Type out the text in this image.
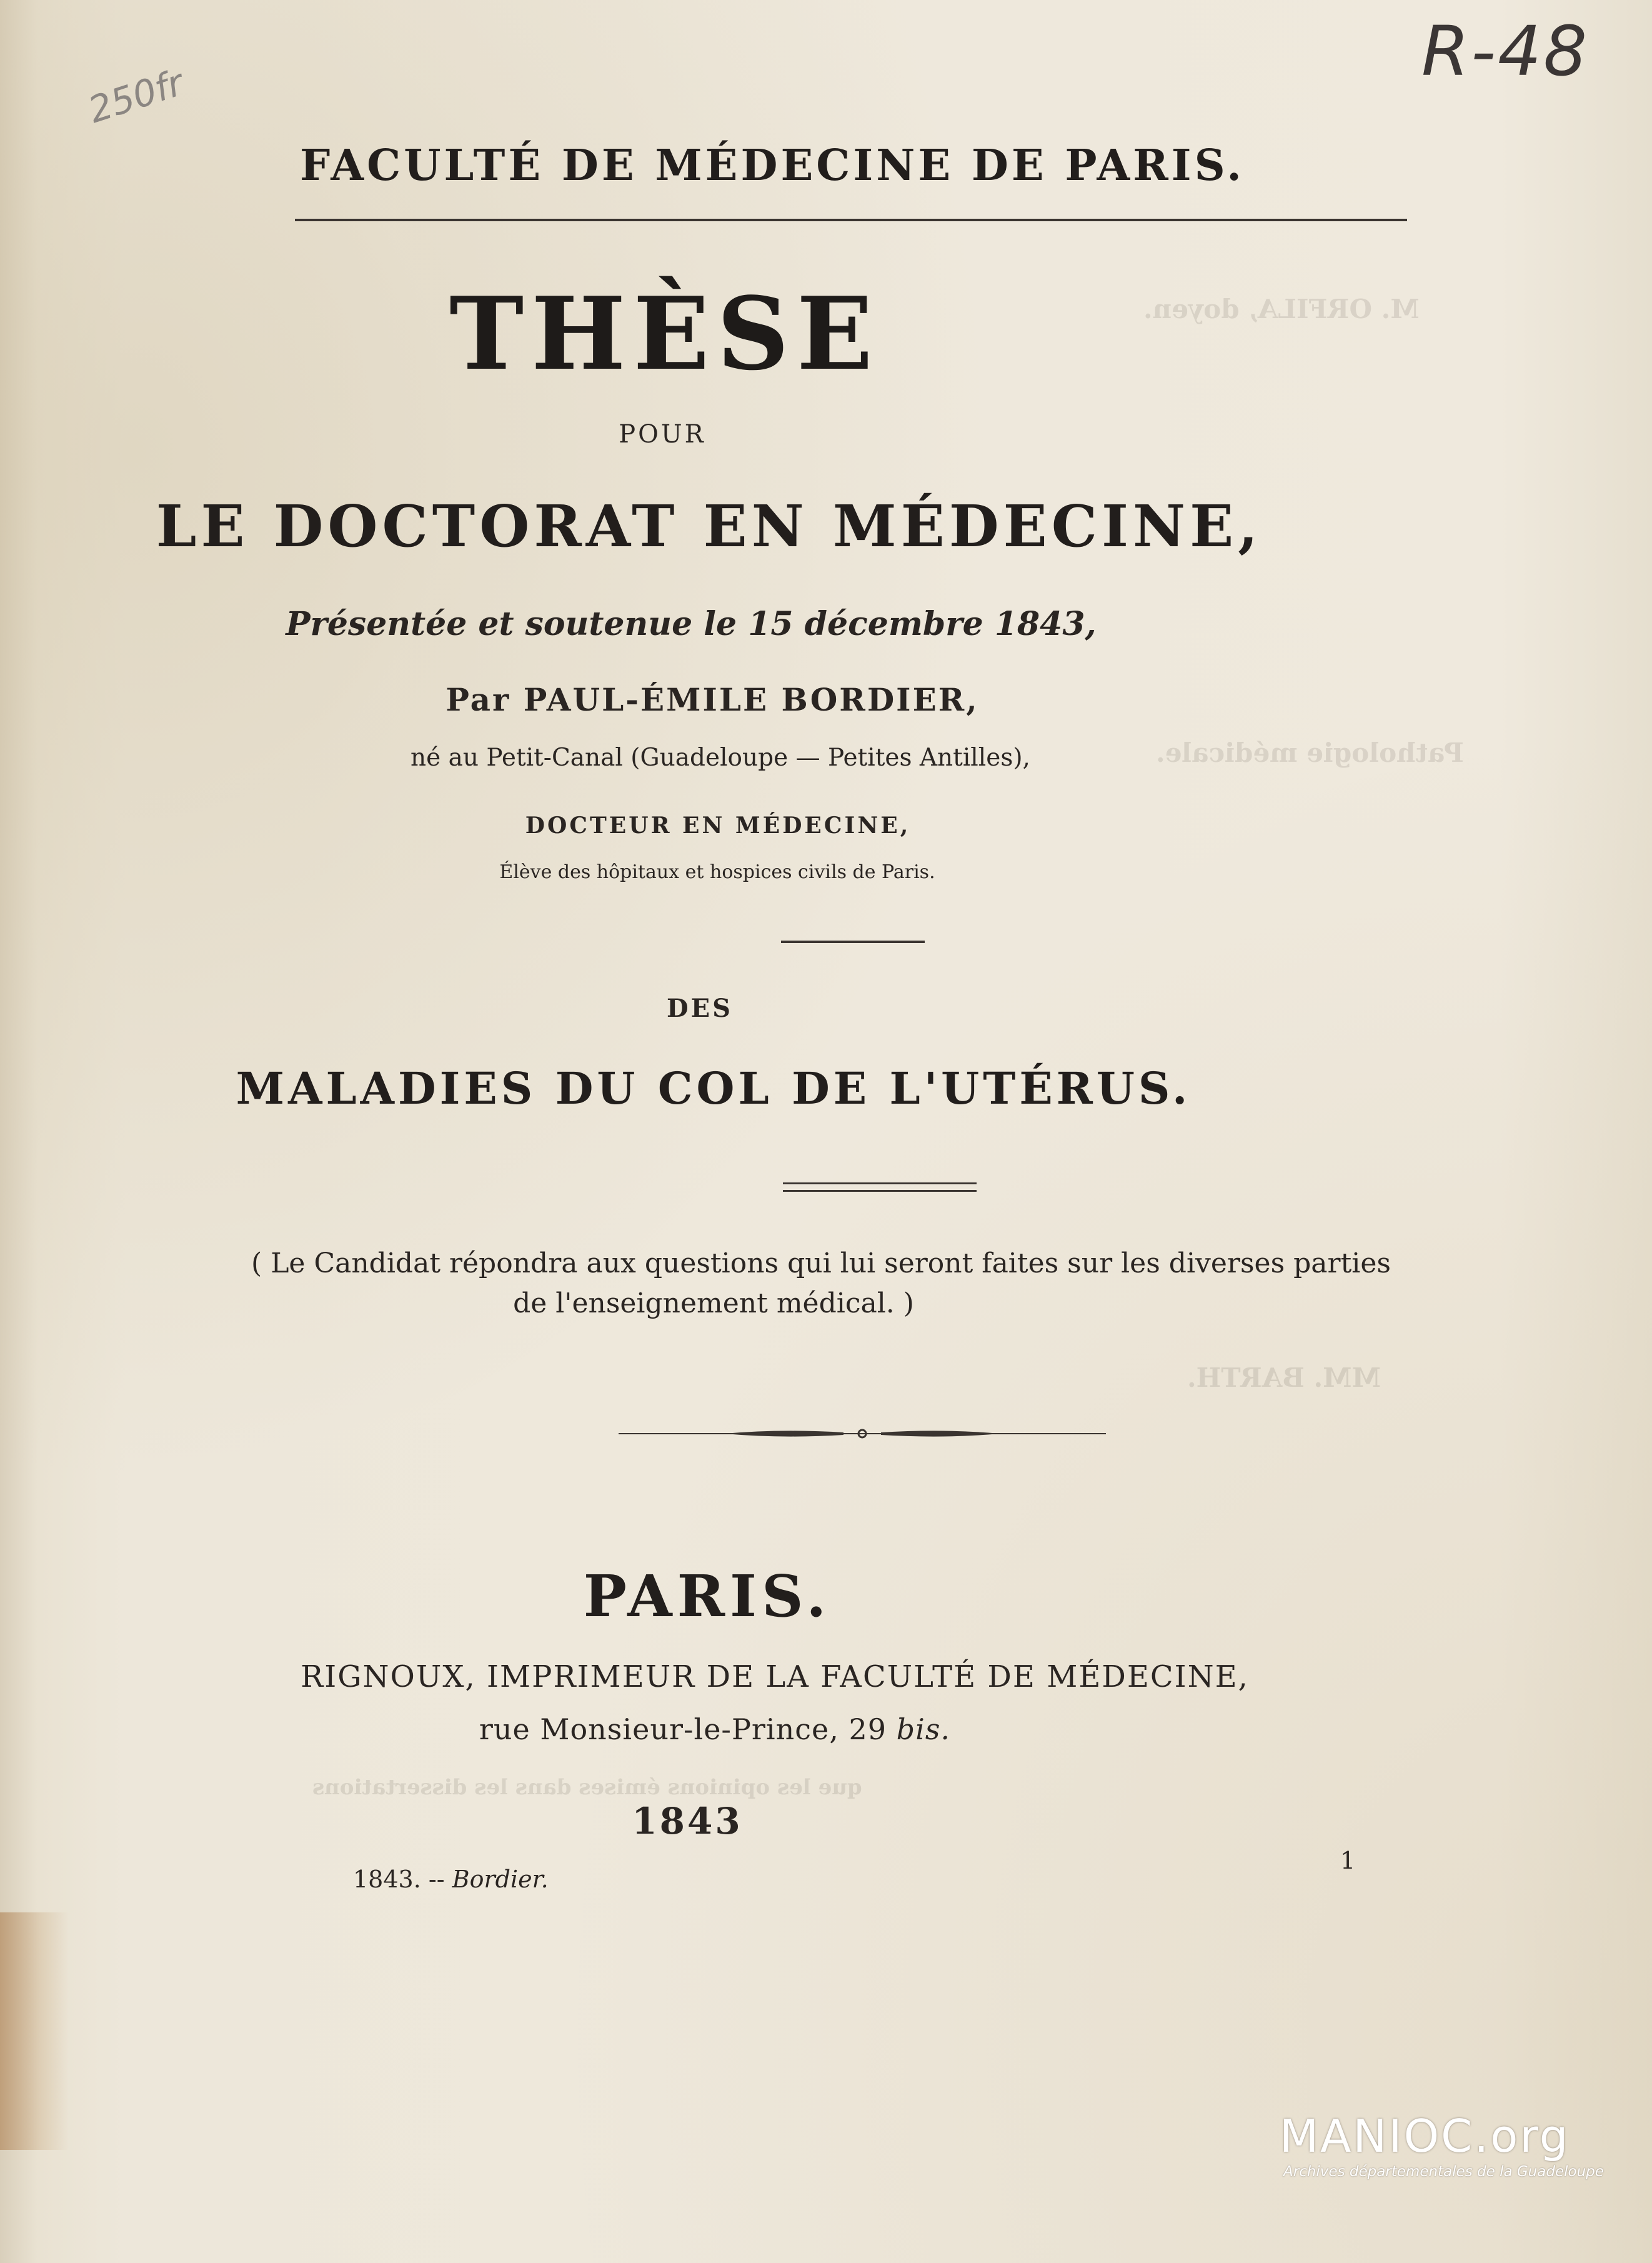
M. ORFILA, doyen.
Pathologie médicale.
MM. BARTH.
que les opinions émises dans les dissertations
R-48
250fr
FACULTÉ DE MÉDECINE DE PARIS.
THÈSE
POUR
LE DOCTORAT EN MÉDECINE,
Présentée et soutenue le 15 décembre 1843,
Par PAUL-ÉMILE BORDIER,
né au Petit-Canal (Guadeloupe — Petites Antilles),
DOCTEUR EN MÉDECINE,
Élève des hôpitaux et hospices civils de Paris.
DES
MALADIES DU COL DE L'UTÉRUS.
( Le Candidat répondra aux questions qui lui seront faites sur les diverses parties
de l'enseignement médical. )
PARIS.
RIGNOUX, IMPRIMEUR DE LA FACULTÉ DE MÉDECINE,
rue Monsieur-le-Prince, 29 bis.
1843
1843. -- Bordier.
1
MANIOC.org
Archives départementales de la Guadeloupe
